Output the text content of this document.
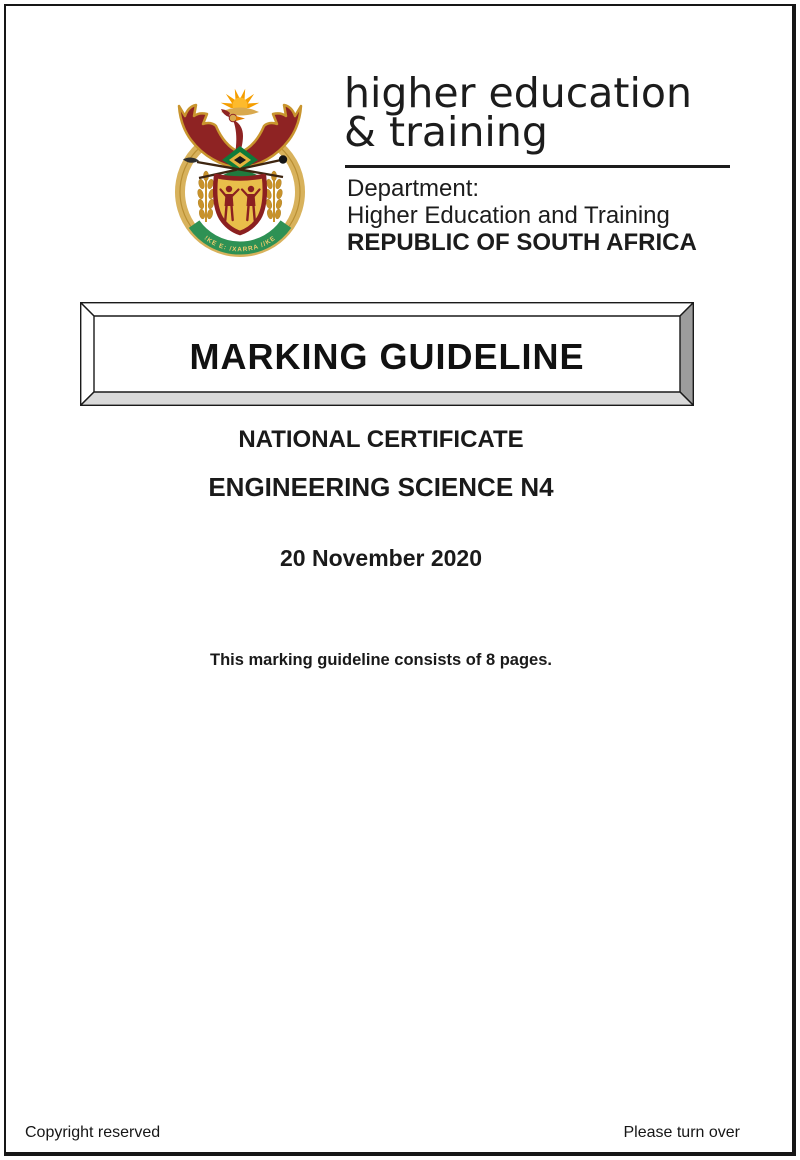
!KE E: /XARRA //KE
higher education
& training
Department:
Higher Education and Training
REPUBLIC OF SOUTH AFRICA
MARKING GUIDELINE
NATIONAL CERTIFICATE
ENGINEERING SCIENCE N4
20 November 2020
This marking guideline consists of 8 pages.
Copyright reserved	Please turn over
